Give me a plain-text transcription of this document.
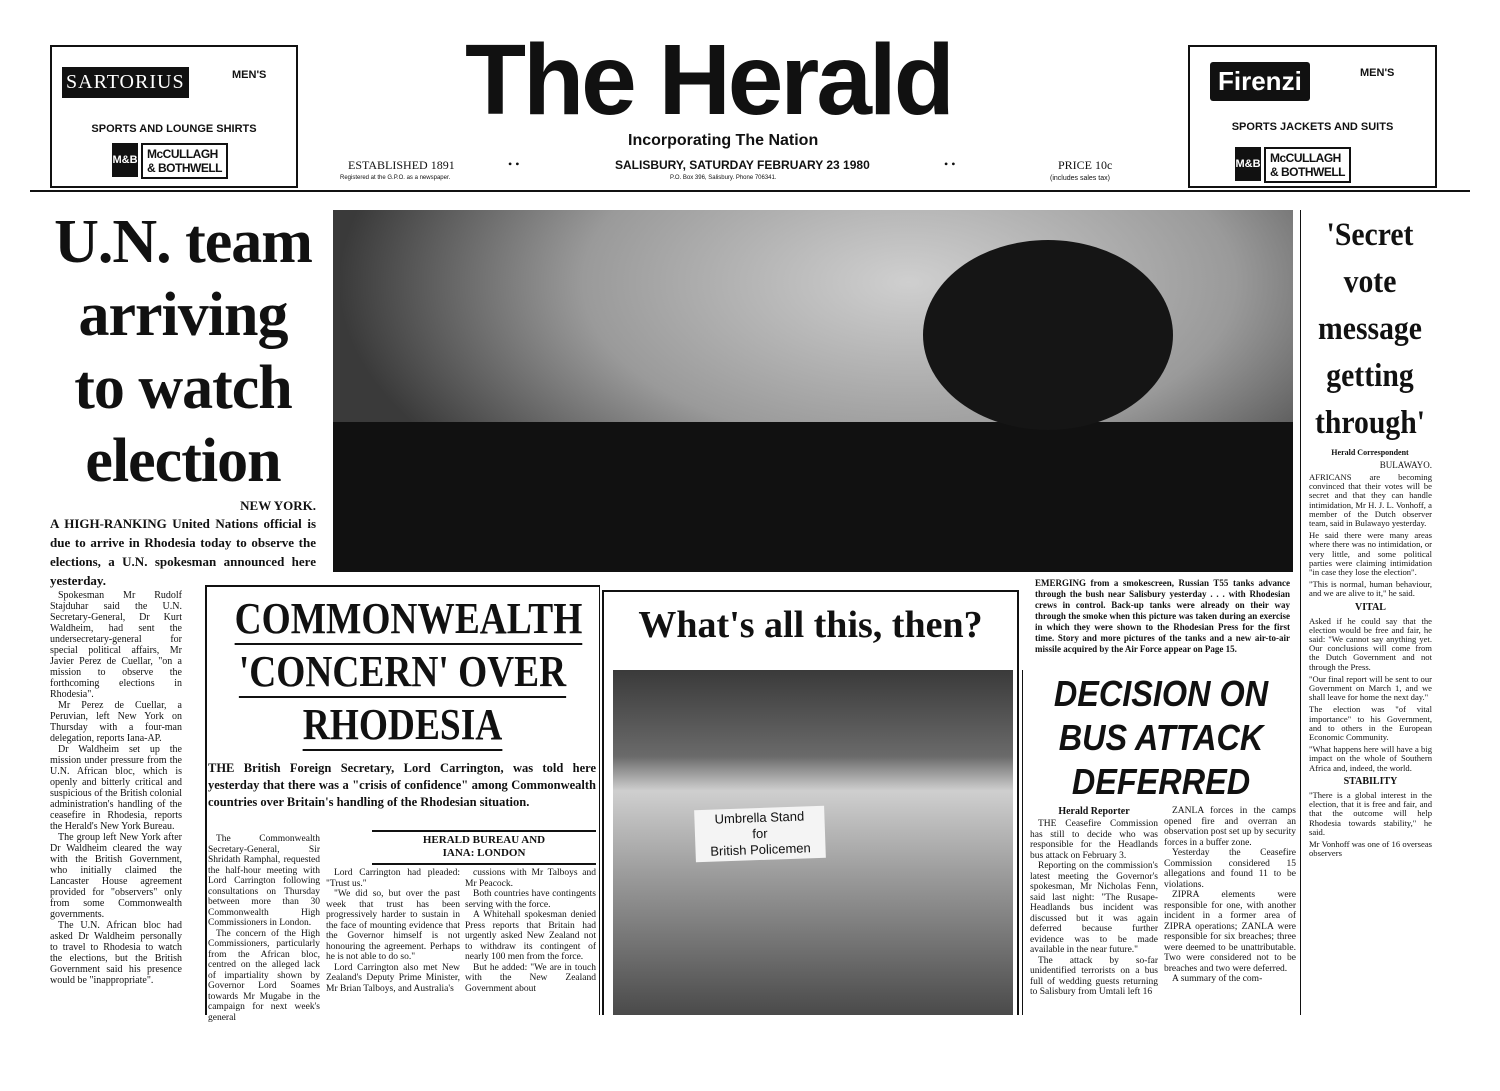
SARTORIUS	MEN'S
SPORTS AND LOUNGE SHIRTS
M&B McCULLAGH
& BOTHWELL
Firenzi	MEN'S
SPORTS JACKETS AND SUITS
M&B McCULLAGH
& BOTHWELL
The Herald
Incorporating The Nation
ESTABLISHED 1891
Registered at the G.P.O. as a newspaper.
• •	SALISBURY, SATURDAY FEBRUARY 23 1980
P.O. Box 396, Salisbury. Phone 706341.
• •	PRICE 10c
(includes sales tax)
U.N. team
arriving
to watch
election
NEW YORK.
A HIGH-RANKING United Nations official is due to arrive in Rhodesia today to observe the elections, a U.N. spokesman announced here yesterday.

Spokesman Mr Rudolf Stajduhar said the U.N. Secretary-General, Dr Kurt Waldheim, had sent the undersecretary-general for special political affairs, Mr Javier Perez de Cuellar, "on a mission to observe the forthcoming elections in Rhodesia".

Mr Perez de Cuellar, a Peruvian, left New York on Thursday with a four-man delegation, reports Iana-AP.

Dr Waldheim set up the mission under pressure from the U.N. African bloc, which is openly and bitterly critical and suspicious of the British colonial administration's handling of the ceasefire in Rhodesia, reports the Herald's New York Bureau.

The group left New York after Dr Waldheim cleared the way with the British Government, who initially claimed the Lancaster House agreement provided for "observers" only from some Commonwealth governments.

The U.N. African bloc had asked Dr Waldheim personally to travel to Rhodesia to watch the elections, but the British Government said his presence would be "inappropriate".

EMERGING from a smokescreen, Russian T55 tanks advance through the bush near Salisbury yesterday . . . with Rhodesian crews in control. Back-up tanks were already on their way through the smoke when this picture was taken during an exercise in which they were shown to the Rhodesian Press for the first time. Story and more pictures of the tanks and a new air-to-air missile acquired by the Air Force appear on Page 15.
COMMONWEALTH
'CONCERN' OVER
RHODESIA
THE British Foreign Secretary, Lord Carrington, was told here yesterday that there was a "crisis of confidence" among Commonwealth countries over Britain's handling of the Rhodesian situation.
HERALD BUREAU AND
IANA: LONDON

The Commonwealth Secretary-General, Sir Shridath Ramphal, requested the half-hour meeting with Lord Carrington following consultations on Thursday between more than 30 Commonwealth High Commissioners in London.

The concern of the High Commissioners, particularly from the African bloc, centred on the alleged lack of impartiality shown by Governor Lord Soames towards Mr Mugabe in the campaign for next week's general

Lord Carrington had pleaded: "Trust us."

"We did so, but over the past week that trust has been progressively harder to sustain in the face of mounting evidence that the Governor himself is not honouring the agreement. Perhaps he is not able to do so."

Lord Carrington also met New Zealand's Deputy Prime Minister, Mr Brian Talboys, and Australia's

cussions with Mr Talboys and Mr Peacock.

Both countries have contingents serving with the force.

A Whitehall spokesman denied Press reports that Britain had urgently asked New Zealand not to withdraw its contingent of nearly 100 men from the force.

But he added: "We are in touch with the New Zealand Government about

What's all this, then?
Umbrella Stand
for
British Policemen
DECISION ON
BUS ATTACK
DEFERRED
Herald Reporter

THE Ceasefire Commission has still to decide who was responsible for the Headlands bus attack on February 3.

Reporting on the commission's latest meeting the Governor's spokesman, Mr Nicholas Fenn, said last night: "The Rusape-Headlands bus incident was discussed but it was again deferred because further evidence was to be made available in the near future."

The attack by so-far unidentified terrorists on a bus full of wedding guests returning to Salisbury from Umtali left 16

ZANLA forces in the camps opened fire and overran an observation post set up by security forces in a buffer zone.

Yesterday the Ceasefire Commission considered 15 allegations and found 11 to be violations.

ZIPRA elements were responsible for one, with another incident in a former area of ZIPRA operations; ZANLA were responsible for six breaches; three were deemed to be unattributable. Two were considered not to be breaches and two were deferred.

A summary of the com-

'Secret
vote
message
getting
through'
Herald Correspondent
BULAWAYO.

AFRICANS are becoming convinced that their votes will be secret and that they can handle intimidation, Mr H. J. L. Vonhoff, a member of the Dutch observer team, said in Bulawayo yesterday.

He said there were many areas where there was no intimidation, or very little, and some political parties were claiming intimidation "in case they lose the election".

"This is normal, human behaviour, and we are alive to it," he said.

VITAL

Asked if he could say that the election would be free and fair, he said: "We cannot say anything yet. Our conclusions will come from the Dutch Government and not through the Press.

"Our final report will be sent to our Government on March 1, and we shall leave for home the next day."

The election was "of vital importance" to his Government, and to others in the European Economic Community.

"What happens here will have a big impact on the whole of Southern Africa and, indeed, the world.

STABILITY

"There is a global interest in the election, that it is free and fair, and that the outcome will help Rhodesia towards stability," he said.

Mr Vonhoff was one of 16 overseas observers
